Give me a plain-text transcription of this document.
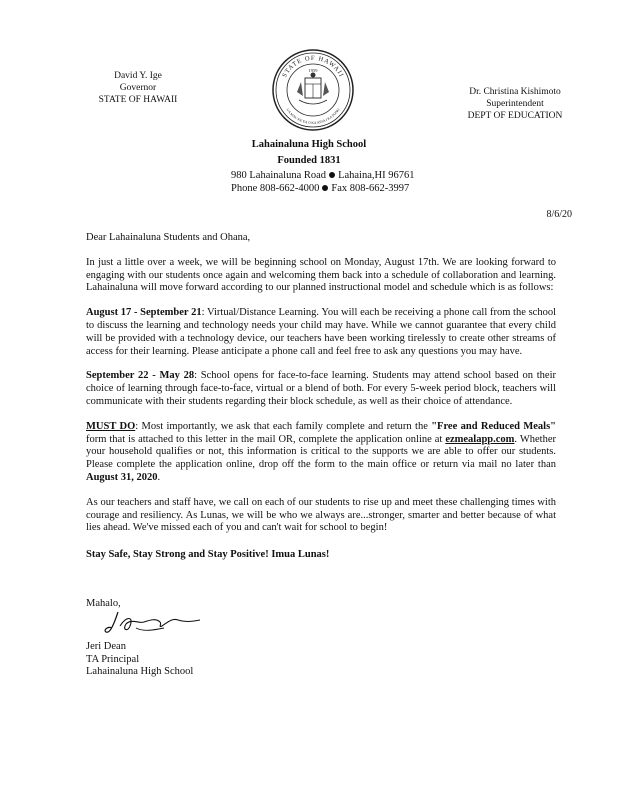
David Y. Ige
Governor
STATE OF HAWAII
STATE OF HAWAII
UA MAU KE EA O KA AINA I KA PONO
1959
Dr. Christina Kishimoto
Superintendent
DEPT OF EDUCATION
Lahainaluna High School
Founded 1831
980 Lahainaluna Road Lahaina,HI 96761
Phone 808-662-4000 Fax 808-662-3997
8/6/20

Dear Lahainaluna Students and Ohana,

In just a little over a week, we will be beginning school on Monday, August 17th. We are looking forward to engaging with our students once again and welcoming them back into a schedule of collaboration and learning. Lahainaluna will move forward according to our planned instructional model and schedule which is as follows:

August 17 - September 21: Virtual/Distance Learning. You will each be receiving a phone call from the school to discuss the learning and technology needs your child may have. While we cannot guarantee that every child will be provided with a technology device, our teachers have been working tirelessly to create other streams of access for their learning. Please anticipate a phone call and feel free to ask any questions you may have.

September 22 - May 28: School opens for face-to-face learning. Students may attend school based on their choice of learning through face-to-face, virtual or a blend of both. For every 5-week period block, teachers will communicate with their students regarding their block schedule, as well as their choice of attendance.

MUST DO: Most importantly, we ask that each family complete and return the "Free and Reduced Meals" form that is attached to this letter in the mail OR, complete the application online at ezmealapp.com. Whether your household qualifies or not, this information is critical to the supports we are able to offer our students. Please complete the application online, drop off the form to the main office or return via mail no later than August 31, 2020.

As our teachers and staff have, we call on each of our students to rise up and meet these challenging times with courage and resiliency. As Lunas, we will be who we always are...stronger, smarter and better because of what lies ahead. We've missed each of you and can't wait for school to begin!

Stay Safe, Stay Strong and Stay Positive! Imua Lunas!

Mahalo,
Jeri Dean
TA Principal
Lahainaluna High School
